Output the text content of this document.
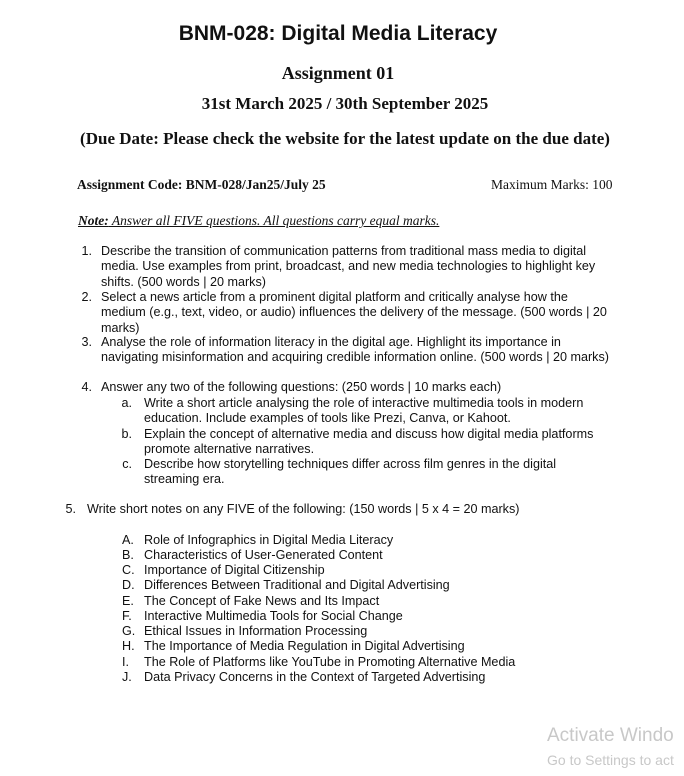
BNM-028: Digital Media Literacy
Assignment 01
31st March 2025 / 30th September 2025
(Due Date: Please check the website for the latest update on the due date)
Assignment Code: BNM-028/Jan25/July 25	Maximum Marks: 100
Note: Answer all FIVE questions. All questions carry equal marks.
1. Describe the transition of communication patterns from traditional mass media to digital
media. Use examples from print, broadcast, and new media technologies to highlight key
shifts. (500 words | 20 marks)
2. Select a news article from a prominent digital platform and critically analyse how the
medium (e.g., text, video, or audio) influences the delivery of the message. (500 words | 20
marks)
3. Analyse the role of information literacy in the digital age. Highlight its importance in
navigating misinformation and acquiring credible information online. (500 words | 20 marks)
4. Answer any two of the following questions: (250 words | 10 marks each)
a. Write a short article analysing the role of interactive multimedia tools in modern
education. Include examples of tools like Prezi, Canva, or Kahoot.
b. Explain the concept of alternative media and discuss how digital media platforms
promote alternative narratives.
c. Describe how storytelling techniques differ across film genres in the digital
streaming era.
5. Write short notes on any FIVE of the following: (150 words | 5 x 4 = 20 marks)
A. Role of Infographics in Digital Media Literacy
B. Characteristics of User-Generated Content
C. Importance of Digital Citizenship
D. Differences Between Traditional and Digital Advertising
E. The Concept of Fake News and Its Impact
F. Interactive Multimedia Tools for Social Change
G. Ethical Issues in Information Processing
H. The Importance of Media Regulation in Digital Advertising
I.	The Role of Platforms like YouTube in Promoting Alternative Media
J. Data Privacy Concerns in the Context of Targeted Advertising
Activate Windo
Go to Settings to act
